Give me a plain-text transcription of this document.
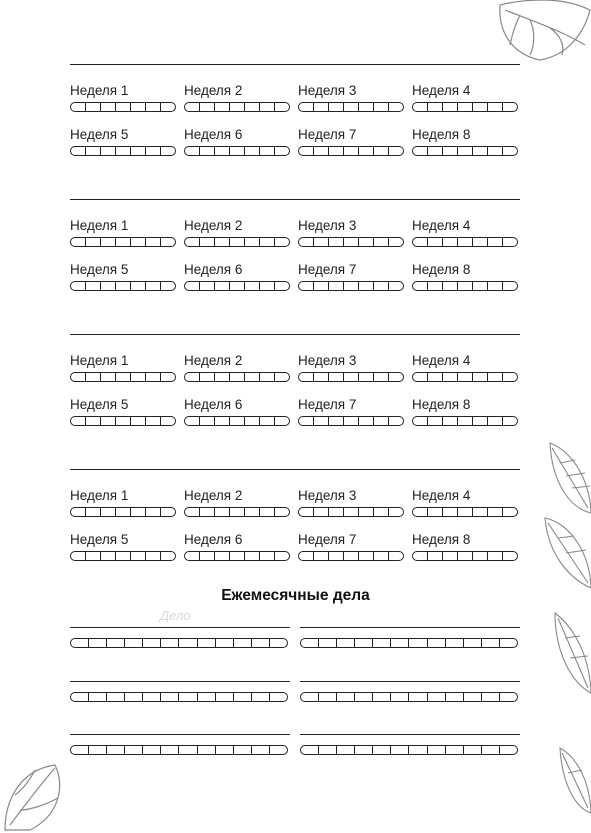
Неделя 1	Неделя 2	Неделя 3	Неделя 4
Неделя 5	Неделя 6	Неделя 7	Неделя 8
Неделя 1	Неделя 2	Неделя 3	Неделя 4
Неделя 5	Неделя 6	Неделя 7	Неделя 8
Неделя 1	Неделя 2	Неделя 3	Неделя 4
Неделя 5	Неделя 6	Неделя 7	Неделя 8
Неделя 1	Неделя 2	Неделя 3	Неделя 4
Неделя 5	Неделя 6	Неделя 7	Неделя 8
Ежемесячные дела
Дело
